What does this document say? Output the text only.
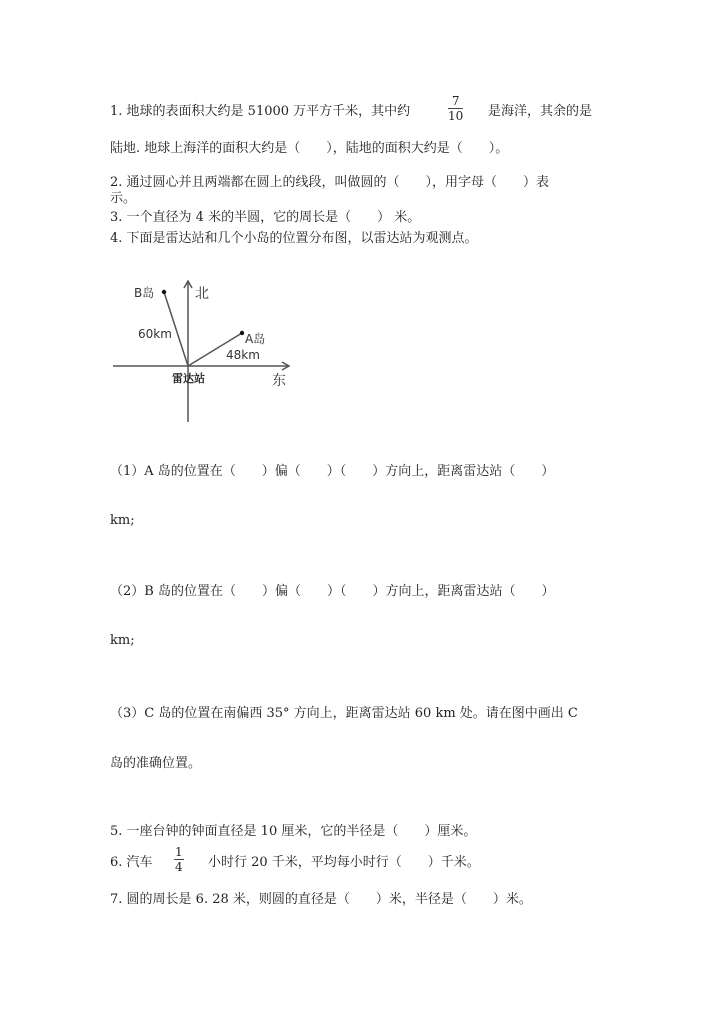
1. 地球的表面积大约是 51000 万平方千米，其中约	$\frac{7}{10}$ 是海洋，其余的是
陆地. 地球上海洋的面积大约是（　　），陆地的面积大约是（　　）。
2. 通过圆心并且两端都在圆上的线段，叫做圆的（　　），用字母（　　）表
示。
3. 一个直径为 4 米的半圆，它的周长是（　　） 米。
4. 下面是雷达站和几个小岛的位置分布图，以雷达站为观测点。
北
东
雷达站
B岛
60km	A岛
48km
（1）A 岛的位置在（　　）偏（　　）（　　）方向上，距离雷达站（　　）
km;
（2）B 岛的位置在（　　）偏（　　）（　　）方向上，距离雷达站（　　）
km;
（3）C 岛的位置在南偏西 35° 方向上，距离雷达站 60 km 处。请在图中画出 C
岛的准确位置。
5. 一座台钟的钟面直径是 10 厘米，它的半径是（　　）厘米。
6. 汽车 $\frac{1}{4}$ 小时行 20 千米，平均每小时行（　　）千米。
7. 圆的周长是 6. 28 米，则圆的直径是（　　）米，半径是（　　）米。
